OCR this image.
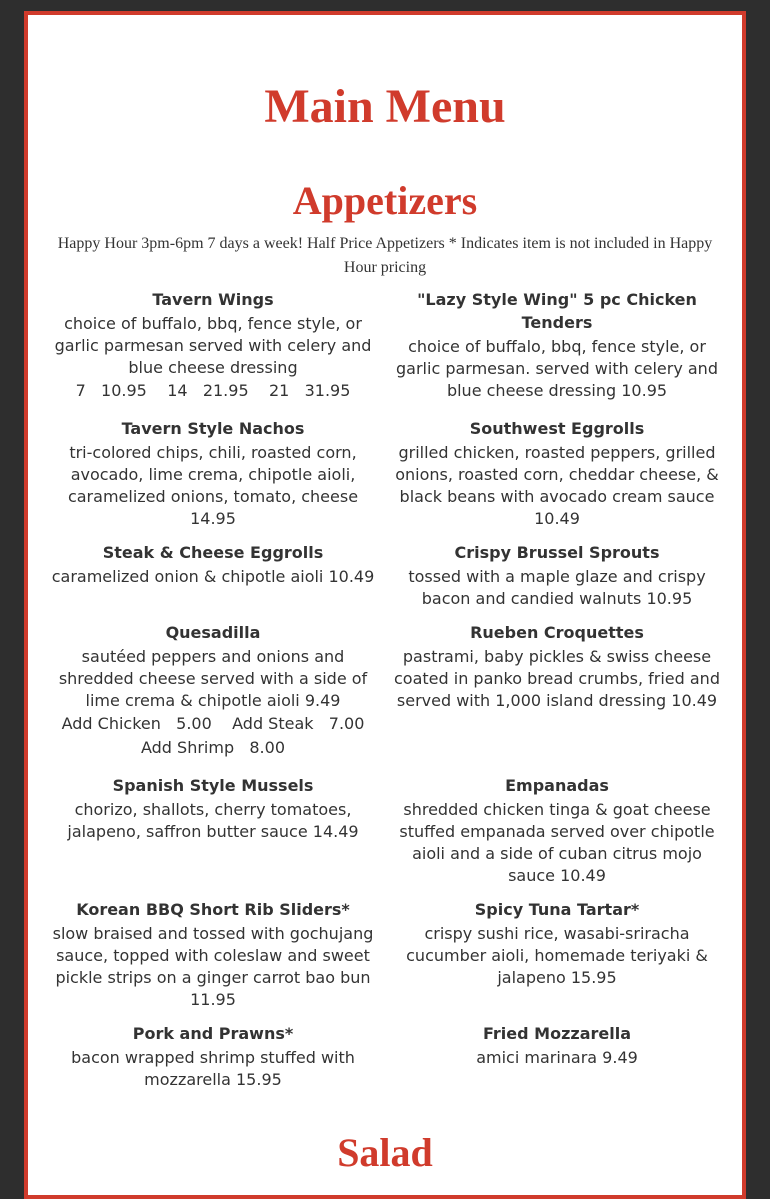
Main Menu
Appetizers

Happy Hour 3pm-6pm 7 days a week! Half Price Appetizers * Indicates item is not included in Happy Hour pricing

Tavern Wings
choice of buffalo, bbq, fence style, or garlic parmesan served with celery and blue cheese dressing
7   10.95    14   21.95    21   31.95
"Lazy Style Wing" 5 pc Chicken Tenders
choice of buffalo, bbq, fence style, or garlic parmesan. served with celery and blue cheese dressing 10.95
Tavern Style Nachos
tri-colored chips, chili, roasted corn, avocado, lime crema, chipotle aioli, caramelized onions, tomato, cheese 14.95
Southwest Eggrolls
grilled chicken, roasted peppers, grilled onions, roasted corn, cheddar cheese, & black beans with avocado cream sauce 10.49
Steak & Cheese Eggrolls
caramelized onion & chipotle aioli 10.49
Crispy Brussel Sprouts
tossed with a maple glaze and crispy bacon and candied walnuts 10.95
Quesadilla
sautéed peppers and onions and shredded cheese served with a side of lime crema & chipotle aioli 9.49
Add Chicken   5.00    Add Steak   7.00    Add Shrimp   8.00
Rueben Croquettes
pastrami, baby pickles & swiss cheese coated in panko bread crumbs, fried and served with 1,000 island dressing 10.49
Spanish Style Mussels
chorizo, shallots, cherry tomatoes, jalapeno, saffron butter sauce 14.49
Empanadas
shredded chicken tinga & goat cheese stuffed empanada served over chipotle aioli and a side of cuban citrus mojo sauce 10.49
Korean BBQ Short Rib Sliders*
slow braised and tossed with gochujang sauce, topped with coleslaw and sweet pickle strips on a ginger carrot bao bun 11.95
Spicy Tuna Tartar*
crispy sushi rice, wasabi-sriracha cucumber aioli, homemade teriyaki & jalapeno 15.95
Pork and Prawns*
bacon wrapped shrimp stuffed with mozzarella 15.95
Fried Mozzarella
amici marinara 9.49
Salad
